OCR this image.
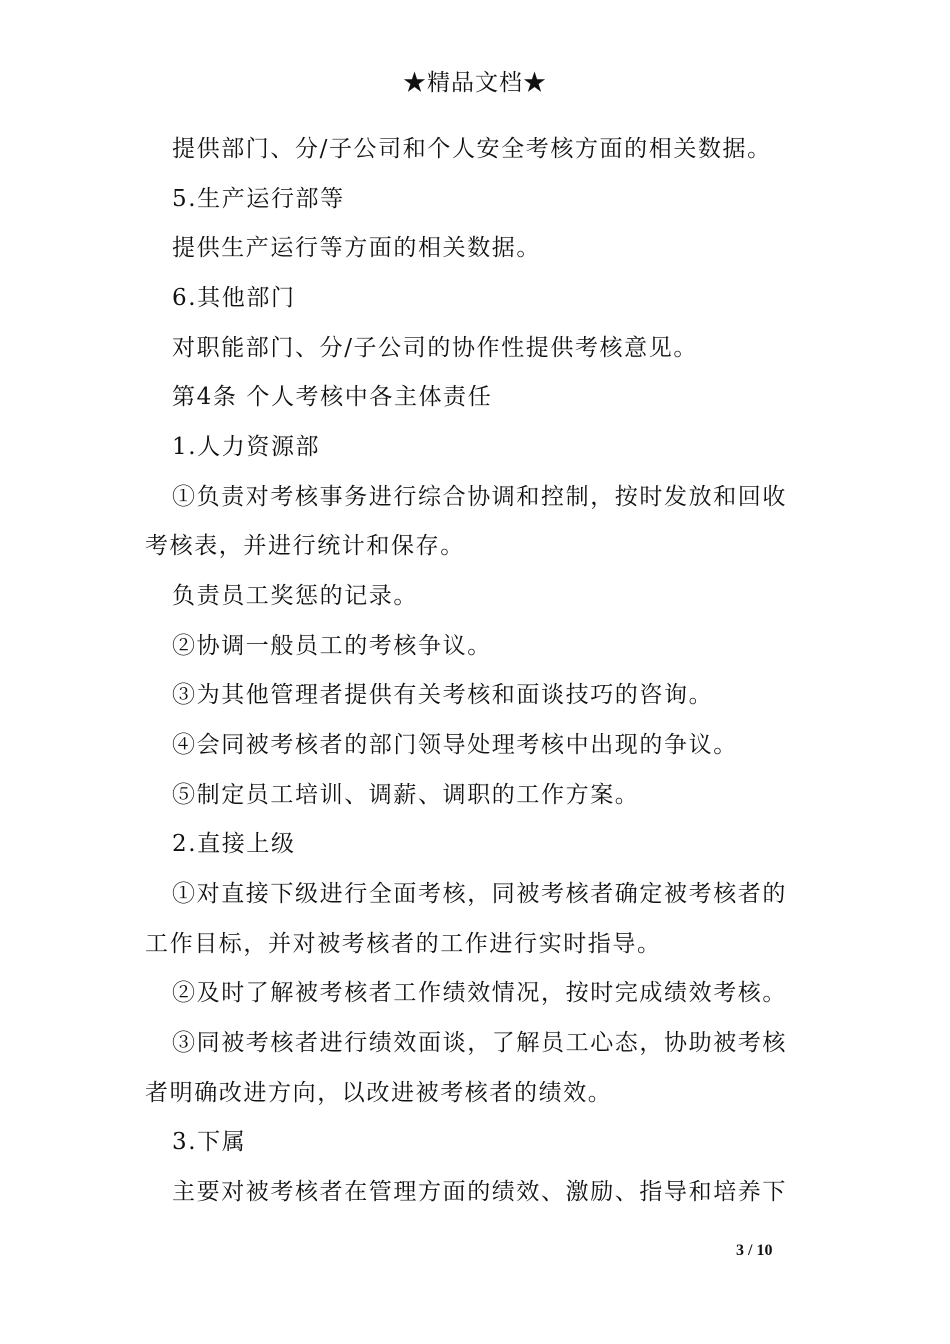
★精品文档★
提供部门、分/子公司和个人安全考核方面的相关数据。
5.生产运行部等
提供生产运行等方面的相关数据。
6.其他部门
对职能部门、分/子公司的协作性提供考核意见。
第4条 个人考核中各主体责任
1.人力资源部
①负责对考核事务进行综合协调和控制，按时发放和回收
考核表，并进行统计和保存。
负责员工奖惩的记录。
②协调一般员工的考核争议。
③为其他管理者提供有关考核和面谈技巧的咨询。
④会同被考核者的部门领导处理考核中出现的争议。
⑤制定员工培训、调薪、调职的工作方案。
2.直接上级
①对直接下级进行全面考核，同被考核者确定被考核者的
工作目标，并对被考核者的工作进行实时指导。
②及时了解被考核者工作绩效情况，按时完成绩效考核。
③同被考核者进行绩效面谈，了解员工心态，协助被考核
者明确改进方向，以改进被考核者的绩效。
3.下属
主要对被考核者在管理方面的绩效、激励、指导和培养下
3 / 10
